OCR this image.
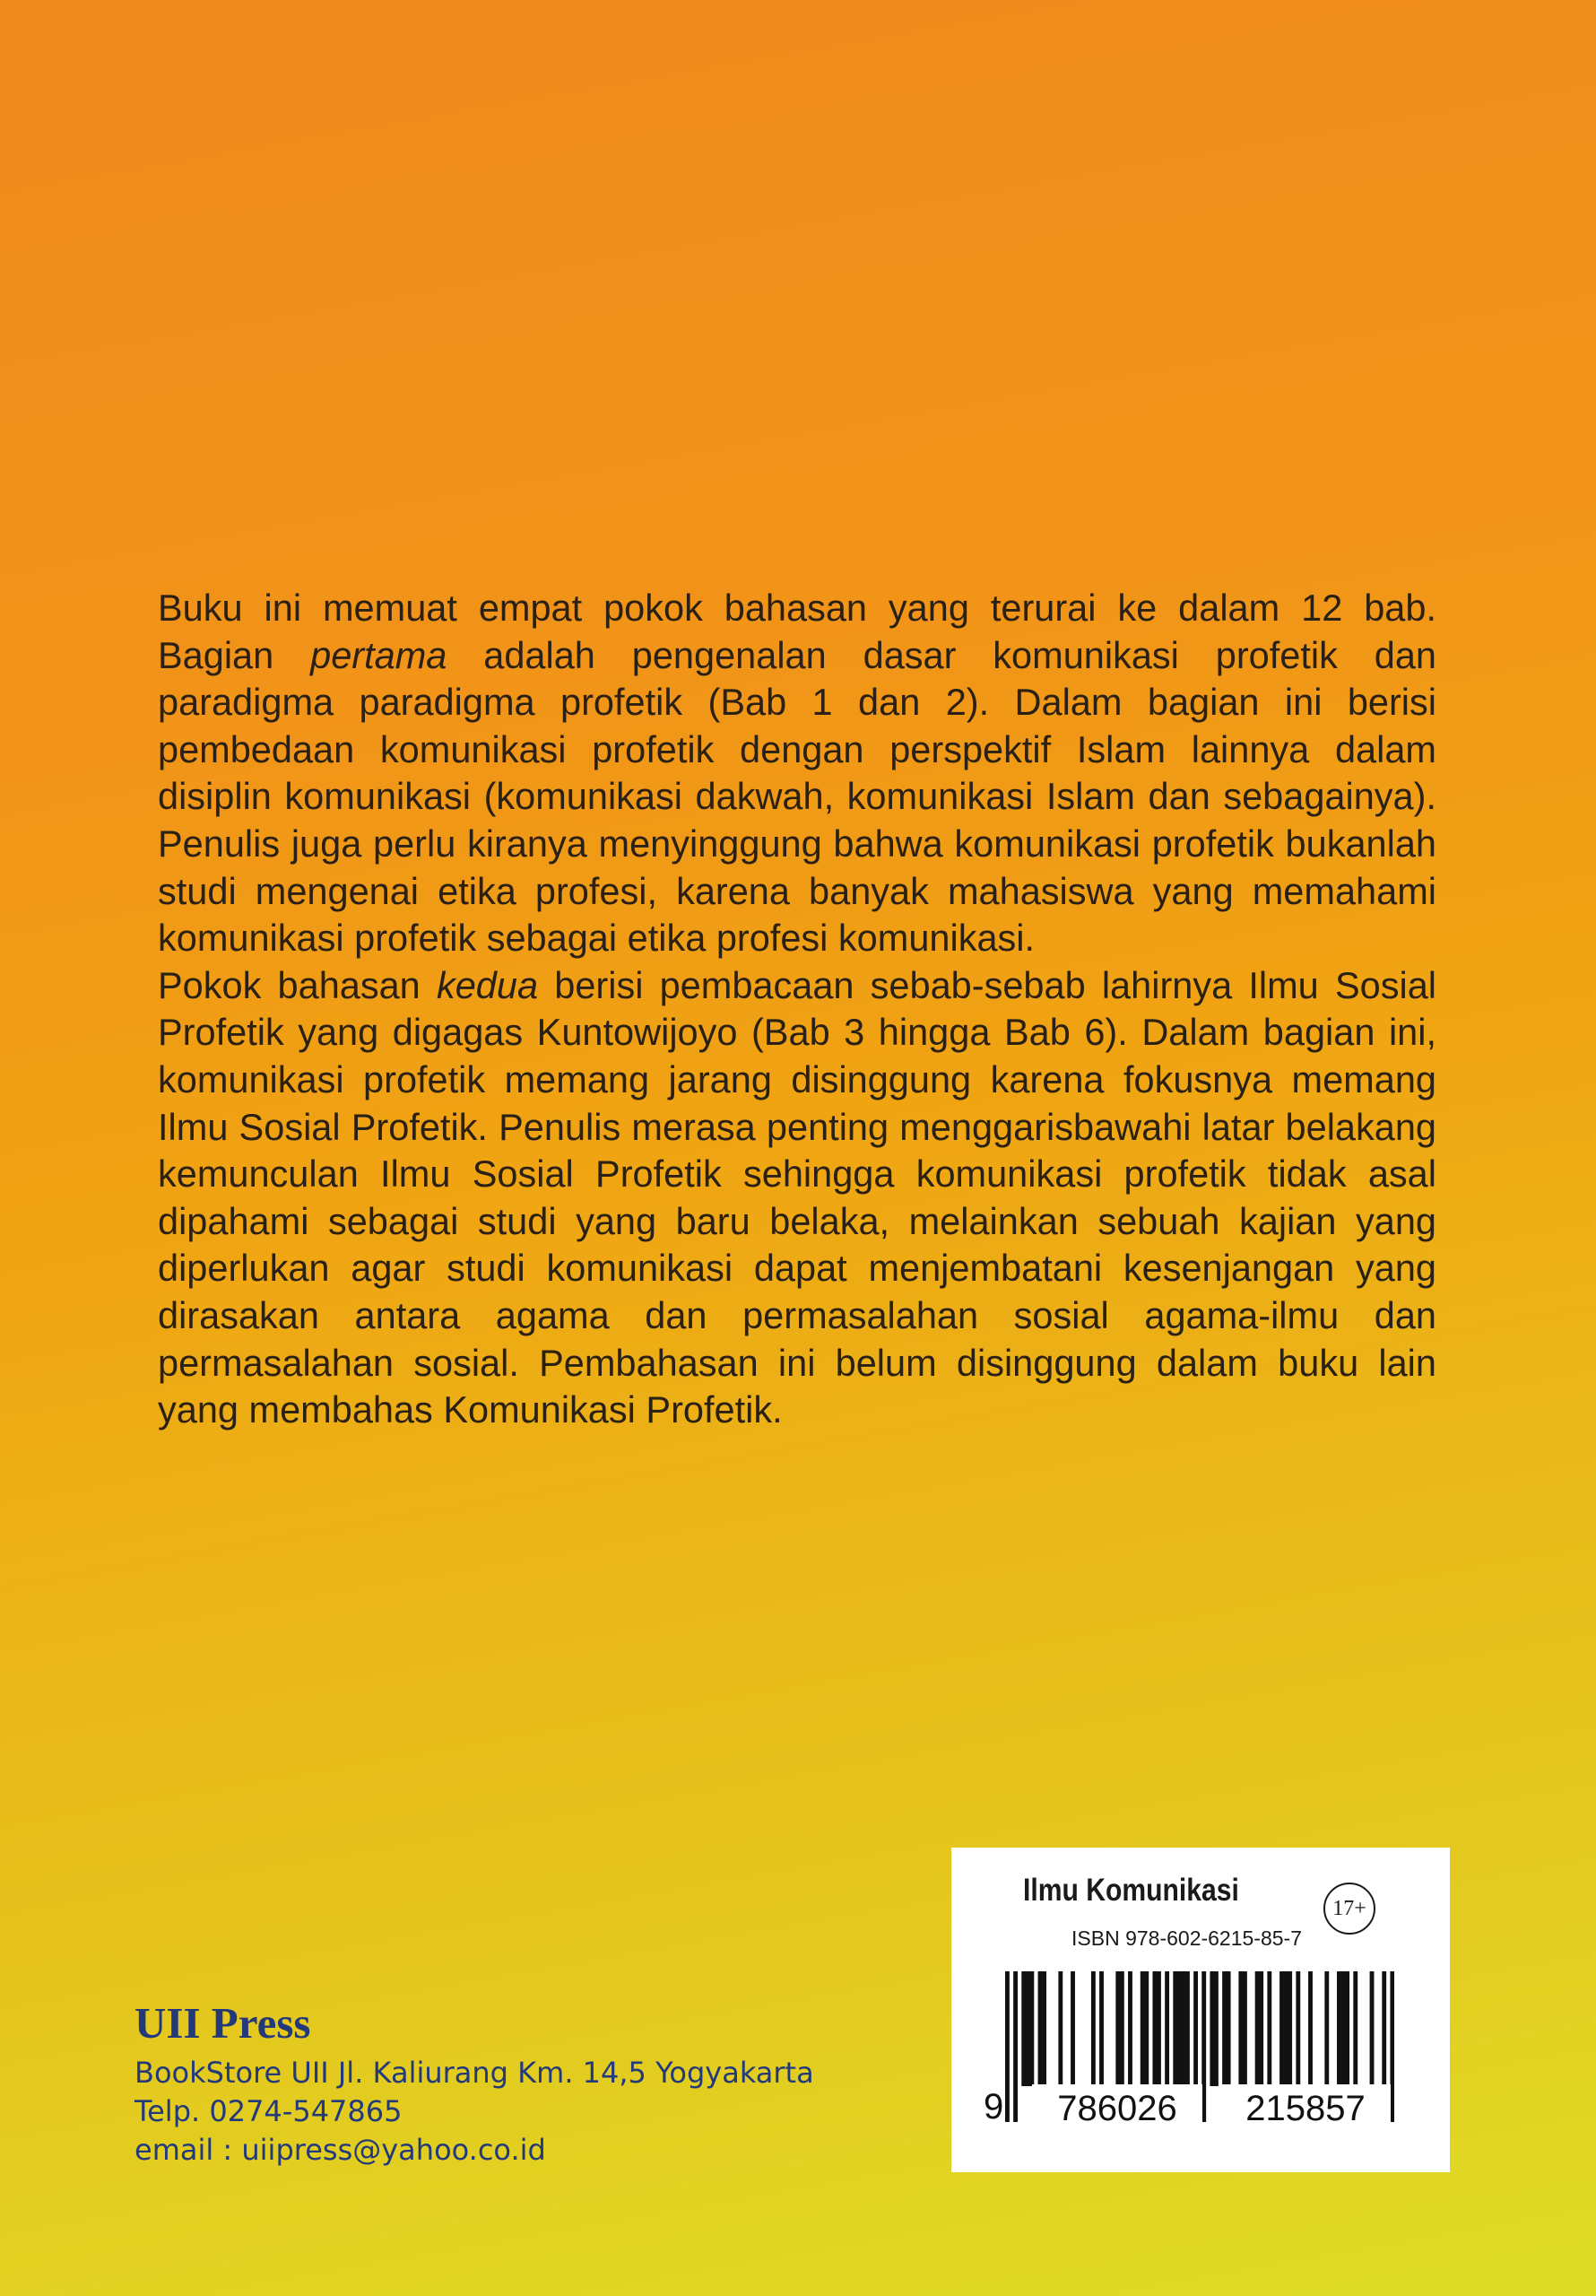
Buku ini memuat empat pokok bahasan yang terurai ke dalam 12 bab. Bagian pertama adalah pengenalan dasar komunikasi profetik dan paradigma paradigma profetik (Bab 1 dan 2). Dalam bagian ini berisi pembedaan komunikasi profetik dengan perspektif Islam lainnya dalam disiplin komunikasi (komunikasi dakwah, komunikasi Islam dan sebagainya). Penulis juga perlu kiranya menyinggung bahwa komunikasi profetik bukanlah studi mengenai etika profesi, karena banyak mahasiswa yang memahami komunikasi profetik sebagai etika profesi komunikasi.

Pokok bahasan kedua berisi pembacaan sebab-sebab lahirnya Ilmu Sosial Profetik yang digagas Kuntowijoyo (Bab 3 hingga Bab 6). Dalam bagian ini, komunikasi profetik memang jarang disinggung karena fokusnya memang Ilmu Sosial Profetik. Penulis merasa penting menggarisbawahi latar belakang kemunculan Ilmu Sosial Profetik sehingga komunikasi profetik tidak asal dipahami sebagai studi yang baru belaka, melainkan sebuah kajian yang diperlukan agar studi komunikasi dapat menjembatani kesenjangan yang dirasakan antara agama dan permasalahan sosial agama-ilmu dan permasalahan sosial. Pembahasan ini belum disinggung dalam buku lain yang membahas Komunikasi Profetik.

UII Press
BookStore UII Jl. Kaliurang Km. 14,5 Yogyakarta
Telp. 0274-547865
email : uiipress@yahoo.co.id
Ilmu Komunikasi
17+
ISBN 978-602-6215-85-7
9	786026	215857
